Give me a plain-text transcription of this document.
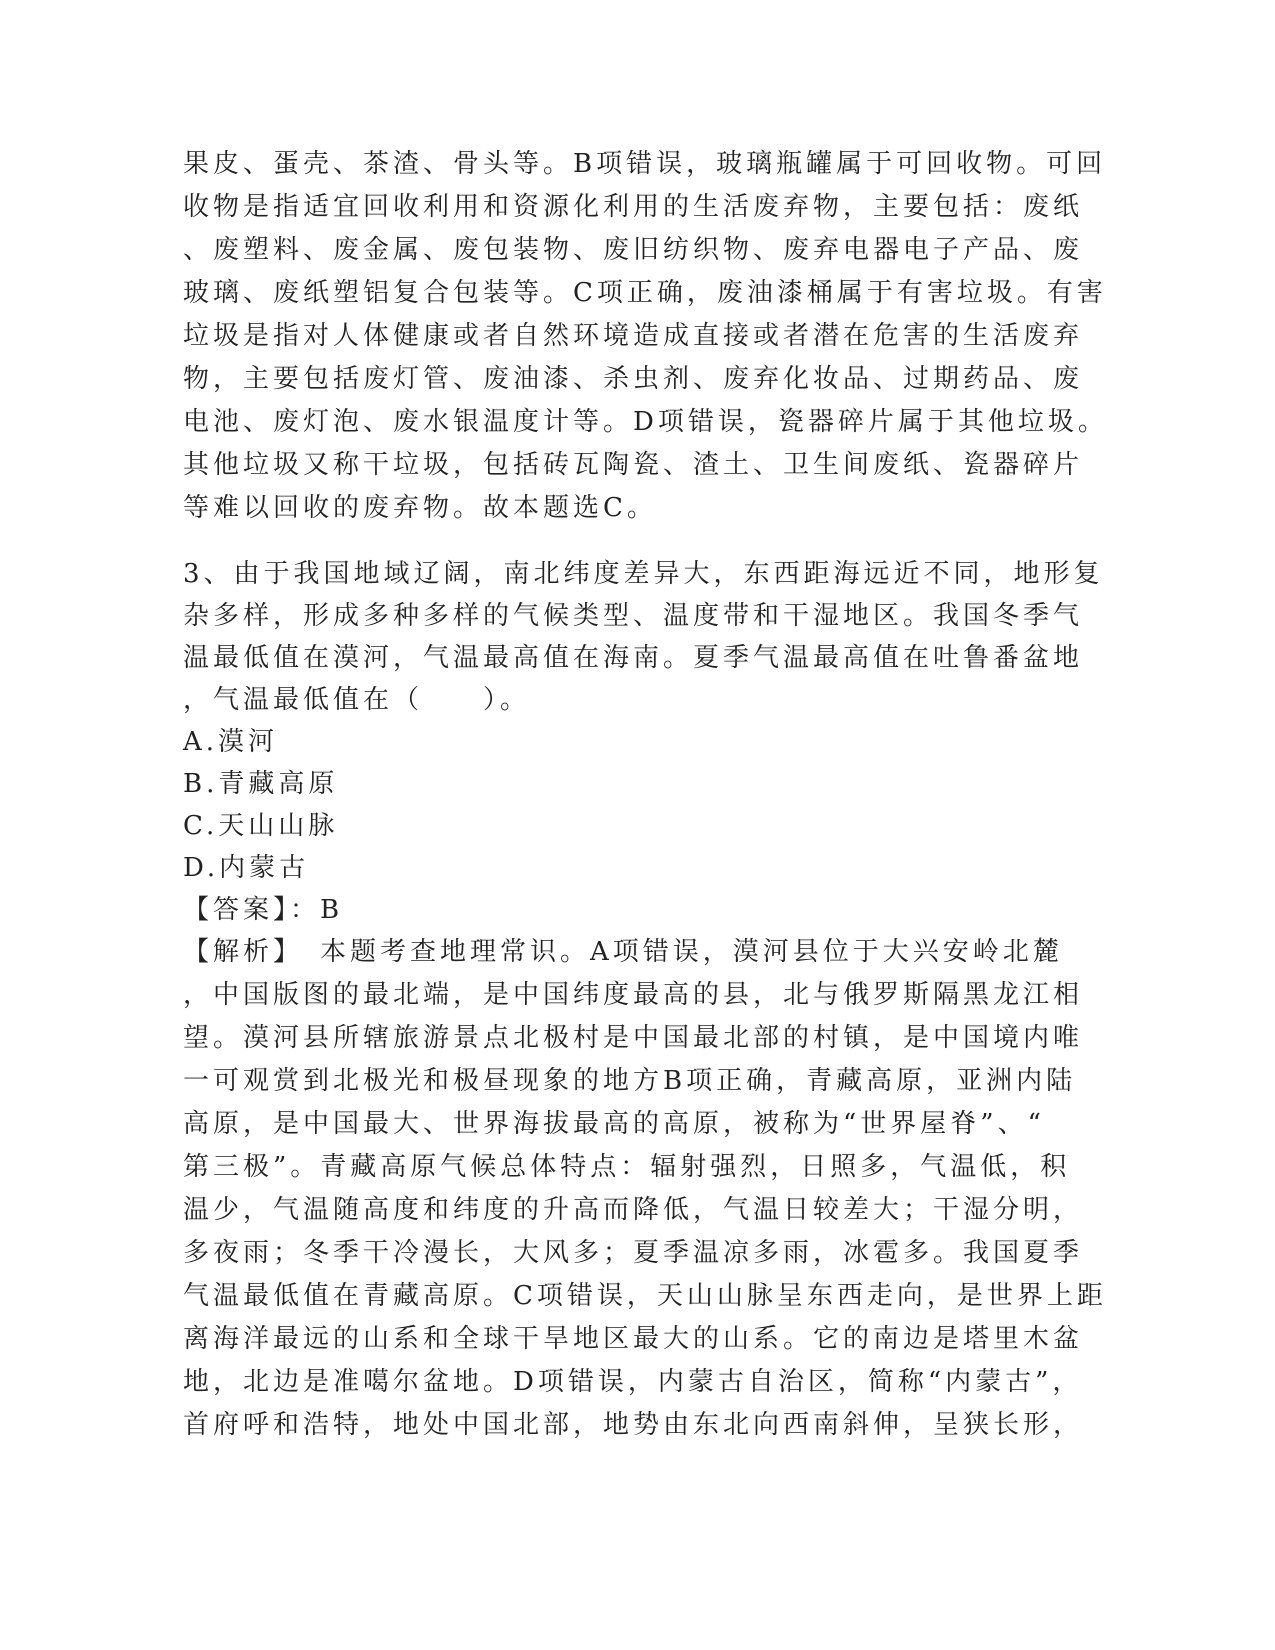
果皮、蛋壳、茶渣、骨头等。B项错误，玻璃瓶罐属于可回收物。可回
收物是指适宜回收利用和资源化利用的生活废弃物，主要包括：废纸
、废塑料、废金属、废包装物、废旧纺织物、废弃电器电子产品、废
玻璃、废纸塑铝复合包装等。C项正确，废油漆桶属于有害垃圾。有害
垃圾是指对人体健康或者自然环境造成直接或者潜在危害的生活废弃
物，主要包括废灯管、废油漆、杀虫剂、废弃化妆品、过期药品、废
电池、废灯泡、废水银温度计等。D项错误，瓷器碎片属于其他垃圾。
其他垃圾又称干垃圾，包括砖瓦陶瓷、渣土、卫生间废纸、瓷器碎片
等难以回收的废弃物。故本题选C。
3、由于我国地域辽阔，南北纬度差异大，东西距海远近不同，地形复
杂多样，形成多种多样的气候类型、温度带和干湿地区。我国冬季气
温最低值在漠河，气温最高值在海南。夏季气温最高值在吐鲁番盆地
，气温最低值在（　　）。
A.漠河
B.青藏高原
C.天山山脉
D.内蒙古
【答案】：B
【解析】　本题考查地理常识。A项错误，漠河县位于大兴安岭北麓
，中国版图的最北端，是中国纬度最高的县，北与俄罗斯隔黑龙江相
望。漠河县所辖旅游景点北极村是中国最北部的村镇，是中国境内唯
一可观赏到北极光和极昼现象的地方B项正确，青藏高原，亚洲内陆
高原，是中国最大、世界海拔最高的高原，被称为“世界屋脊”、“
第三极”。青藏高原气候总体特点：辐射强烈，日照多，气温低，积
温少，气温随高度和纬度的升高而降低，气温日较差大；干湿分明，
多夜雨；冬季干冷漫长，大风多；夏季温凉多雨，冰雹多。我国夏季
气温最低值在青藏高原。C项错误，天山山脉呈东西走向，是世界上距
离海洋最远的山系和全球干旱地区最大的山系。它的南边是塔里木盆
地，北边是准噶尔盆地。D项错误，内蒙古自治区，简称“内蒙古”，
首府呼和浩特，地处中国北部，地势由东北向西南斜伸，呈狭长形，
